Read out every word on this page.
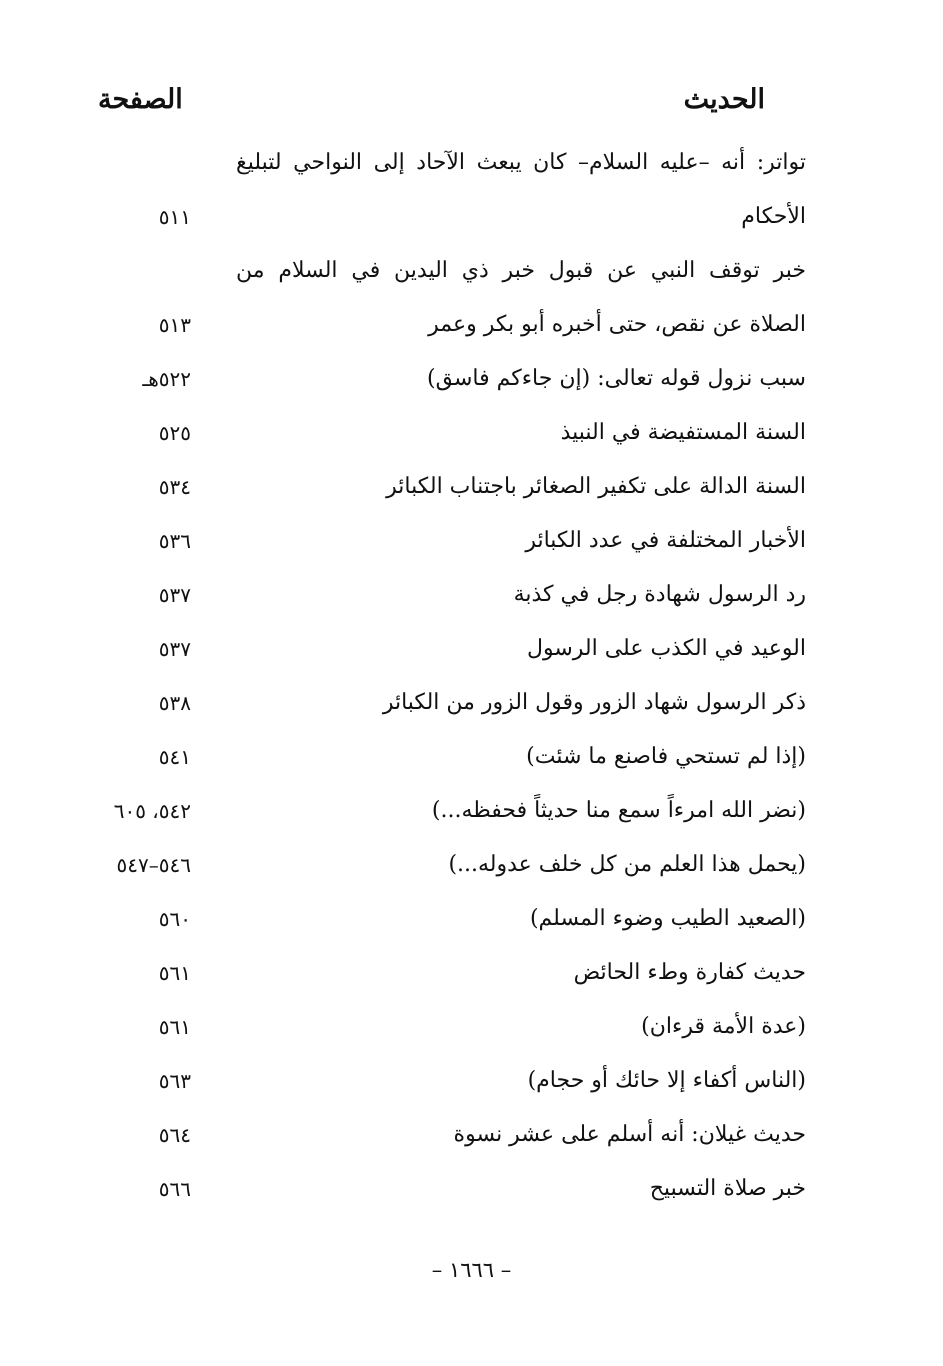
الحديث
الصفحة
تواتر: أنه –عليه السلام– كان يبعث الآحاد إلى النواحي لتبليغ
الأحكام
٥١١
خبر توقف النبي عن قبول خبر ذي اليدين في السلام من
الصلاة عن نقص، حتى أخبره أبو بكر وعمر
٥١٣
سبب نزول قوله تعالى: (إن جاءكم فاسق)
٥٢٢هـ
السنة المستفيضة في النبيذ
٥٢٥
السنة الدالة على تكفير الصغائر باجتناب الكبائر
٥٣٤
الأخبار المختلفة في عدد الكبائر
٥٣٦
رد الرسول شهادة رجل في كذبة
٥٣٧
الوعيد في الكذب على الرسول
٥٣٧
ذكر الرسول شهاد الزور وقول الزور من الكبائر
٥٣٨
(إذا لم تستحي فاصنع ما شئت)
٥٤١
(نضر الله امرءاً سمع منا حديثاً فحفظه...)
٥٤٢، ٦٠٥
(يحمل هذا العلم من كل خلف عدوله...)
٥٤٦–٥٤٧
(الصعيد الطيب وضوء المسلم)
٥٦٠
حديث كفارة وطء الحائض
٥٦١
(عدة الأمة قرءان)
٥٦١
(الناس أكفاء إلا حائك أو حجام)
٥٦٣
حديث غيلان: أنه أسلم على عشر نسوة
٥٦٤
خبر صلاة التسبيح
٥٦٦
– ١٦٦٦ –
